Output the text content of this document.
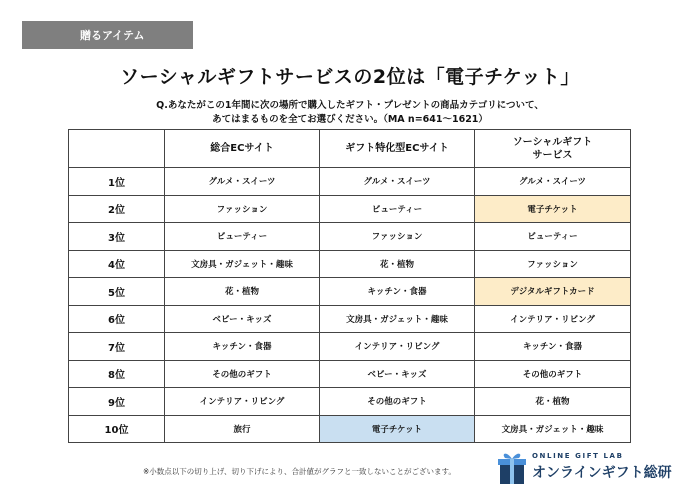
贈るアイテム
ソーシャルギフトサービスの2位は「電子チケット」
Q.あなたがこの1年間に次の場所で購入したギフト・プレゼントの商品カテゴリについて、
あてはまるものを全てお選びください。（MA n=641～1621）
	総合ECサイト	ギフト特化型ECサイト	ソーシャルギフト
サービス
1位	グルメ・スイーツ	グルメ・スイーツ	グルメ・スイーツ
2位	ファッション	ビューティー	電子チケット
3位	ビューティー	ファッション	ビューティー
4位	文房具・ガジェット・趣味	花・植物	ファッション
5位	花・植物	キッチン・食器	デジタルギフトカード
6位	ベビー・キッズ	文房具・ガジェット・趣味	インテリア・リビング
7位	キッチン・食器	インテリア・リビング	キッチン・食器
8位	その他のギフト	ベビー・キッズ	その他のギフト
9位	インテリア・リビング	その他のギフト	花・植物
10位	旅行	電子チケット	文房具・ガジェット・趣味
※小数点以下の切り上げ、切り下げにより、合計値がグラフと一致しないことがございます。
ONLINE GIFT LAB
オンラインギフト総研
